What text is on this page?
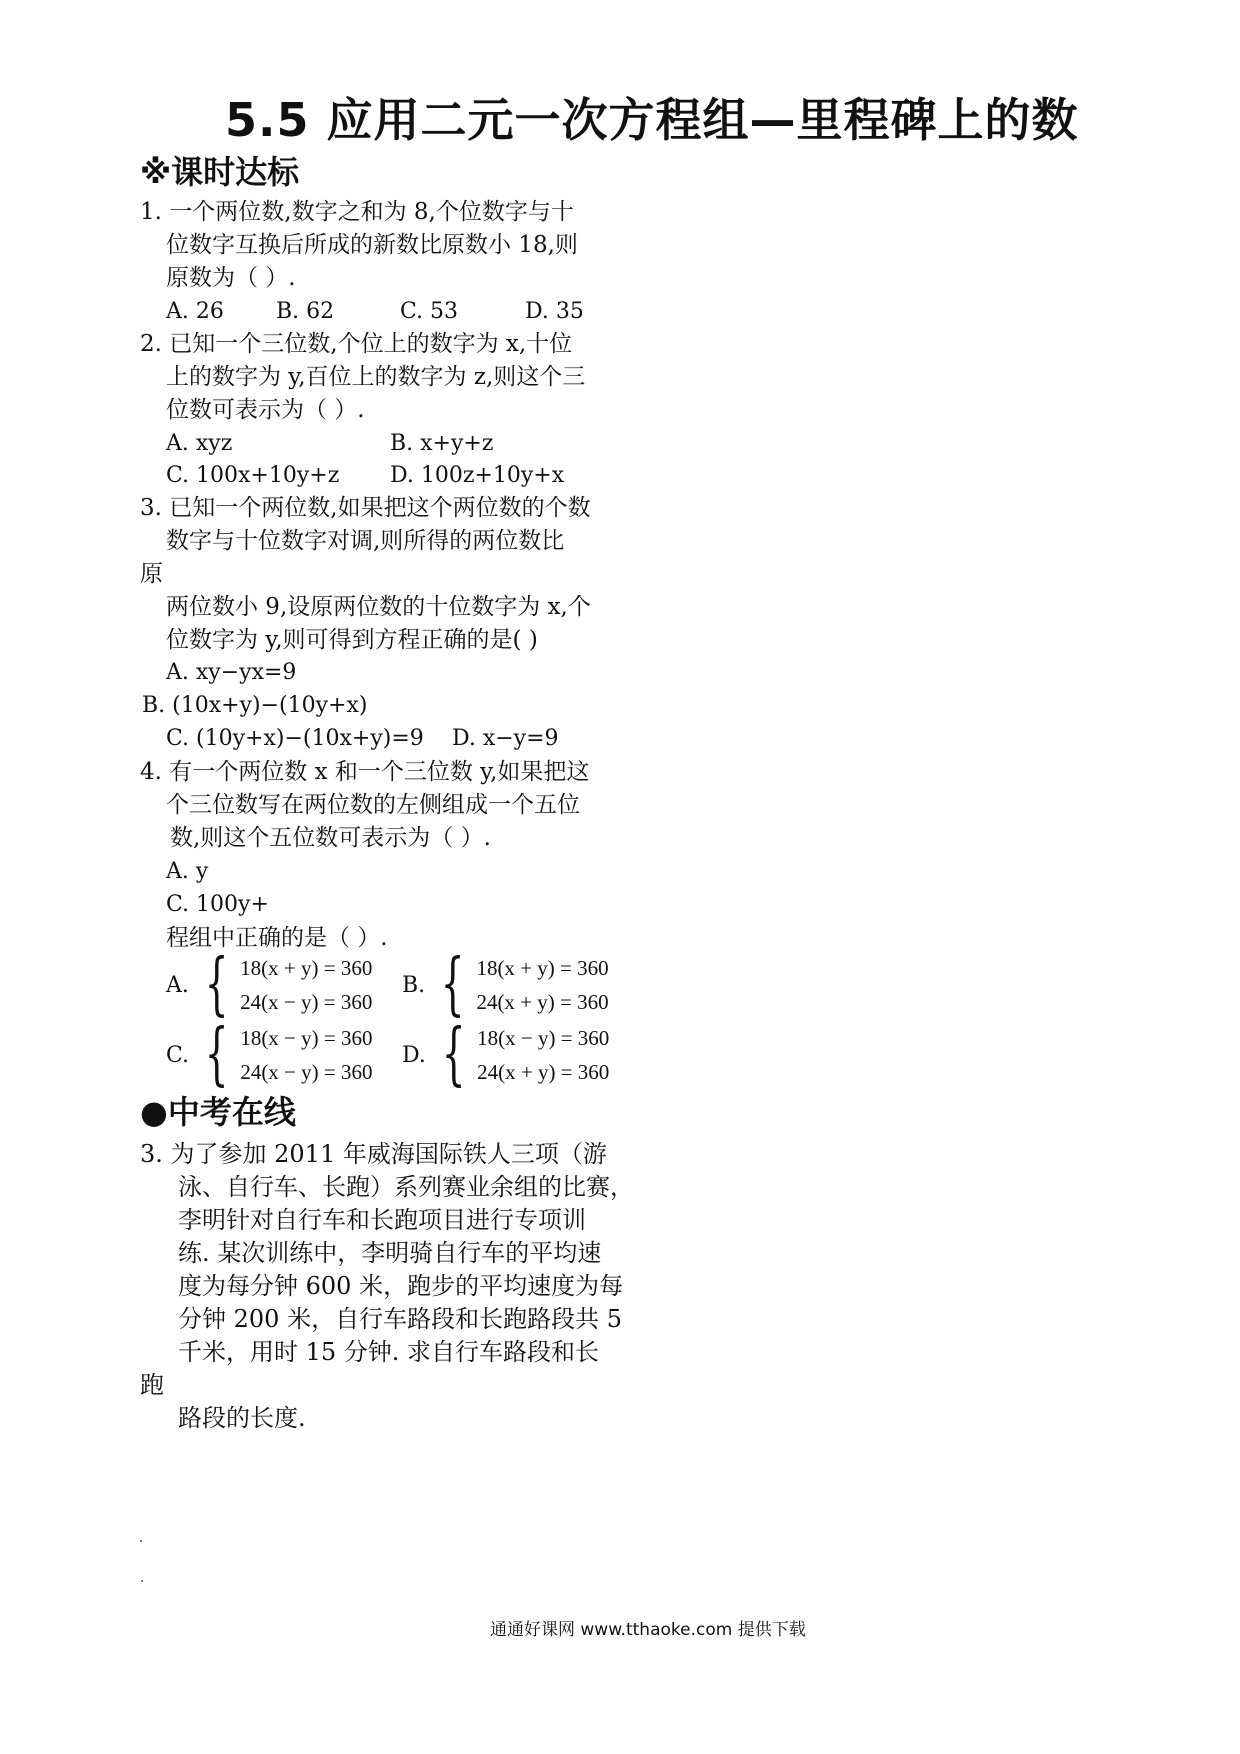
5.5 应用二元一次方程组—里程碑上的数
※课时达标
1. 一个两位数,数字之和为 8,个位数字与十
位数字互换后所成的新数比原数小 18,则
原数为（ ）.
A. 26 B. 62	C. 53	D. 35
2. 已知一个三位数,个位上的数字为 x,十位
上的数字为 y,百位上的数字为 z,则这个三
位数可表示为（ ）.
A. xyz	B. x+y+z
C. 100x+10y+z D. 100z+10y+x
3. 已知一个两位数,如果把这个两位数的个数
数字与十位数字对调,则所得的两位数比
原
两位数小 9,设原两位数的十位数字为 x,个
位数字为 y,则可得到方程正确的是( )
A. xy−yx=9
B. (10x+y)−(10y+x)
C. (10y+x)−(10x+y)=9 D. x−y=9
4. 有一个两位数 x 和一个三位数 y,如果把这
个三位数写在两位数的左侧组成一个五位
数,则这个五位数可表示为（ ）.
A. y
C. 100y+
程组中正确的是（ ）.
A. { 18(x + y) = 360
24(x − y) = 360
B. { 18(x + y) = 360
24(x + y) = 360
C. { 18(x − y) = 360
24(x − y) = 360
D. { 18(x − y) = 360
24(x + y) = 360
●中考在线
3. 为了参加 2011 年威海国际铁人三项（游
泳、自行车、长跑）系列赛业余组的比赛，
李明针对自行车和长跑项目进行专项训
练. 某次训练中，李明骑自行车的平均速
度为每分钟 600 米，跑步的平均速度为每
分钟 200 米，自行车路段和长跑路段共 5
千米，用时 15 分钟. 求自行车路段和长
跑
路段的长度.
通通好课网 www.tthaoke.com 提供下载
